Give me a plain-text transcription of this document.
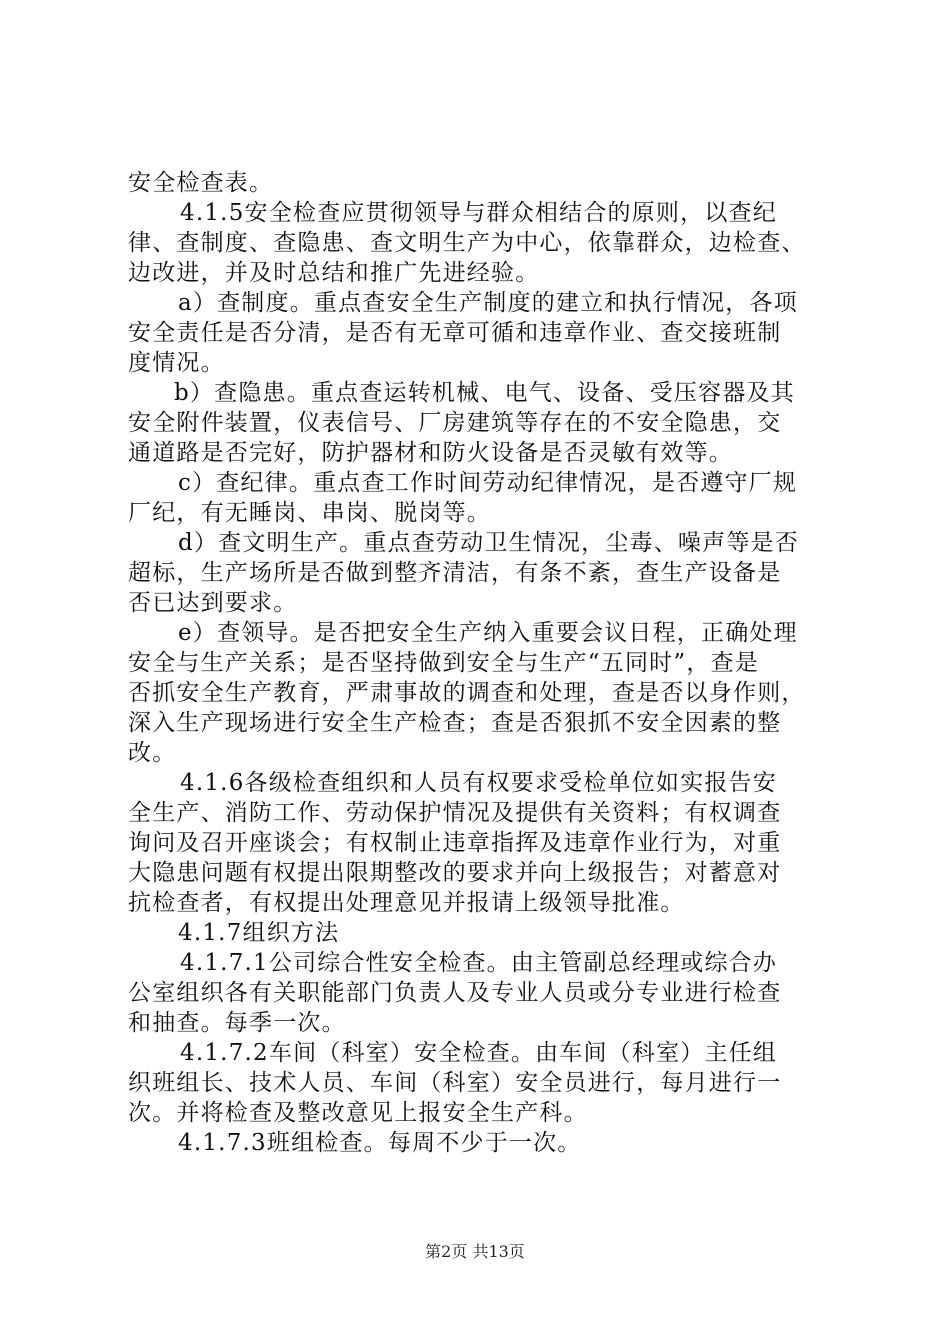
安全检查表。
4.1.5安全检查应贯彻领导与群众相结合的原则，以查纪
律、查制度、查隐患、查文明生产为中心，依靠群众，边检查、
边改进，并及时总结和推广先进经验。
a）查制度。重点查安全生产制度的建立和执行情况，各项
安全责任是否分清，是否有无章可循和违章作业、查交接班制
度情况。
b）查隐患。重点查运转机械、电气、设备、受压容器及其
安全附件装置，仪表信号、厂房建筑等存在的不安全隐患，交
通道路是否完好，防护器材和防火设备是否灵敏有效等。
c）查纪律。重点查工作时间劳动纪律情况，是否遵守厂规
厂纪，有无睡岗、串岗、脱岗等。
d）查文明生产。重点查劳动卫生情况，尘毒、噪声等是否
超标，生产场所是否做到整齐清洁，有条不紊，查生产设备是
否已达到要求。
e）查领导。是否把安全生产纳入重要会议日程，正确处理
安全与生产关系；是否坚持做到安全与生产“五同时”，查是
否抓安全生产教育，严肃事故的调查和处理，查是否以身作则，
深入生产现场进行安全生产检查；查是否狠抓不安全因素的整
改。
4.1.6各级检查组织和人员有权要求受检单位如实报告安
全生产、消防工作、劳动保护情况及提供有关资料；有权调查
询问及召开座谈会；有权制止违章指挥及违章作业行为，对重
大隐患问题有权提出限期整改的要求并向上级报告；对蓄意对
抗检查者，有权提出处理意见并报请上级领导批准。
4.1.7组织方法
4.1.7.1公司综合性安全检查。由主管副总经理或综合办
公室组织各有关职能部门负责人及专业人员或分专业进行检查
和抽查。每季一次。
4.1.7.2车间（科室）安全检查。由车间（科室）主任组
织班组长、技术人员、车间（科室）安全员进行，每月进行一
次。并将检查及整改意见上报安全生产科。
4.1.7.3班组检查。每周不少于一次。
第2页 共13页
